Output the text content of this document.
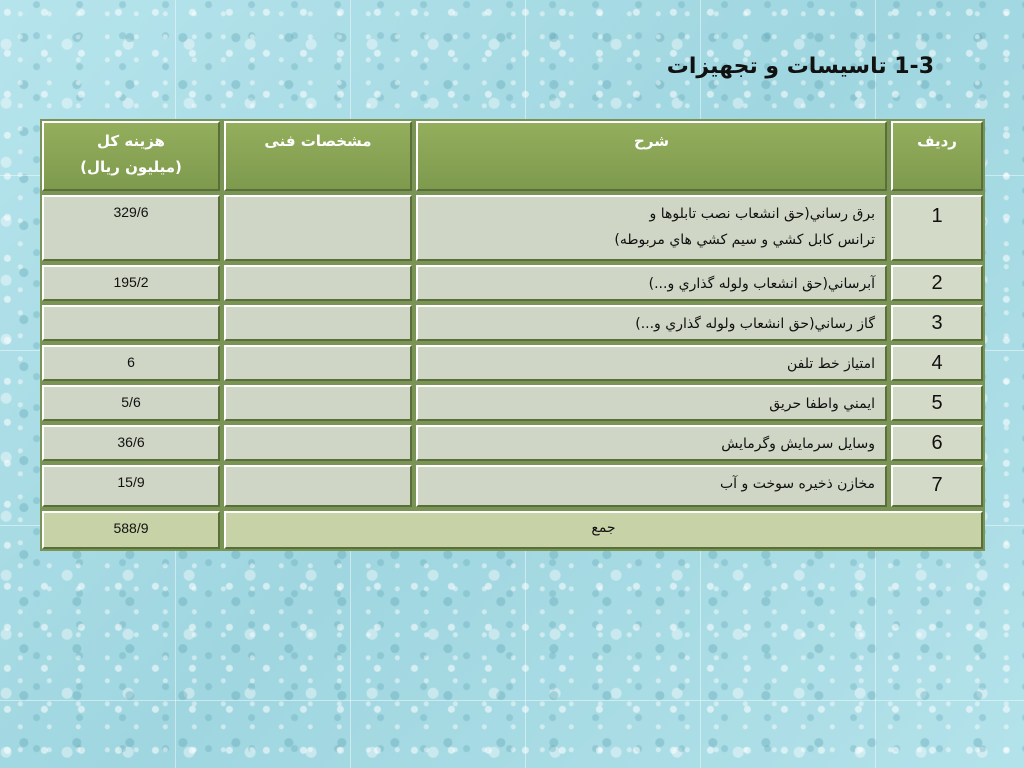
1-3 تاسیسات و تجهیزات
رديف
شرح
مشخصات فنی
هزینه کل
(میلیون ریال)
1
برق رساني(حق انشعاب نصب تابلوها و
ترانس كابل كشي و سيم كشي هاي مربوطه)
329/6
2
آبرساني(حق انشعاب ولوله گذاري و...)
195/2
3
گاز رساني(حق انشعاب ولوله گذاري و...)
4
امتياز خط تلفن
6
5
ايمني واطفا حريق
5/6
6
وسايل سرمايش وگرمايش
36/6
7
مخازن ذخيره سوخت و آب
15/9
جمع
588/9
